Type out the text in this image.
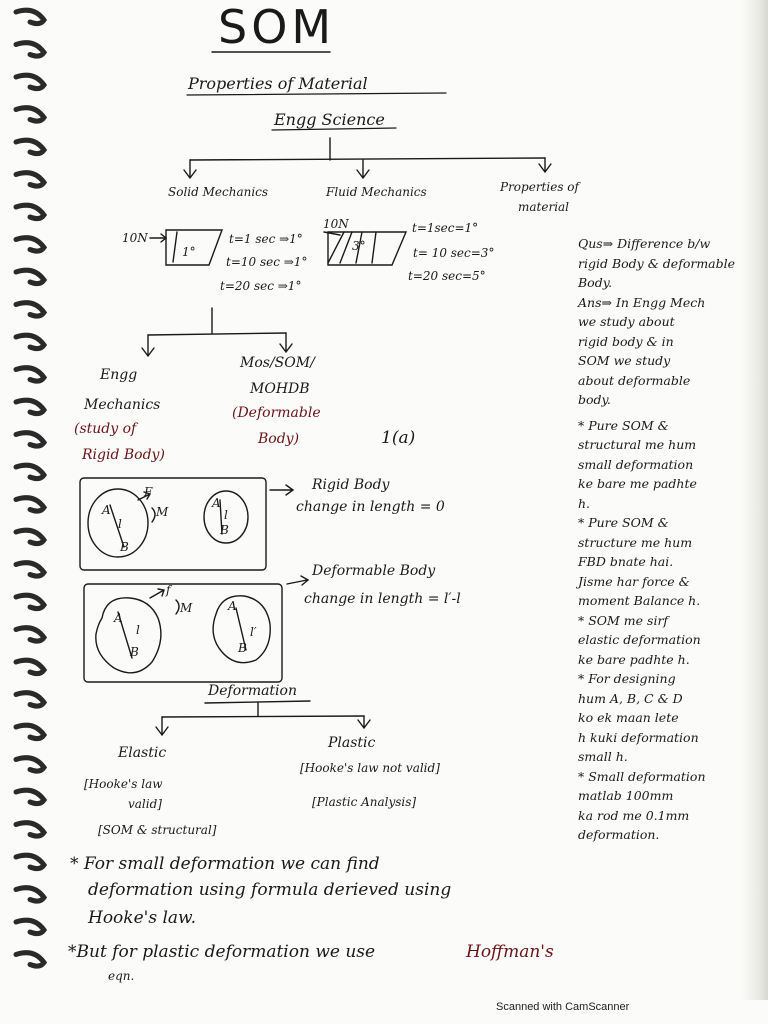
SOM
Properties of Material
Engg Science
Solid Mechanics	Fluid Mechanics	Properties of
material
10N
1°
t=1 sec ⇒1°
t=10 sec ⇒1°
t=20 sec ⇒1°
10N
3°
t=1sec=1°
t= 10 sec=3°
t=20 sec=5°
Engg
Mechanics
(study of
Rigid Body)
Mos/SOM/
MOHDB
(Deformable
Body)	1(a)
F
M
A
l
B
A
l
B
Rigid Body
change in length = 0
f
M
A
l
B
A
l′
B
Deformable Body
change in length = l′-l
Deformation
Elastic
[Hooke's law
valid]
[SOM & structural]
Plastic
[Hooke's law not valid]
[Plastic Analysis]
* For small deformation we can find
deformation using formula derieved using
Hooke's law.
*But for plastic deformation we use	Hoffman's
eqn.
Qus⇒ Difference b/w
rigid Body & deformable
Body.
Ans⇒ In Engg Mech
we study about
rigid body & in
SOM we study
about deformable
body.
* Pure SOM &
structural me hum
small deformation
ke bare me padhte
h.
* Pure SOM &
structure me hum
FBD bnate hai.
Jisme har force &
moment Balance h.
* SOM me sirf
elastic deformation
ke bare padhte h.
* For designing
hum A, B, C & D
ko ek maan lete
h kuki deformation
small h.
* Small deformation
matlab 100mm
ka rod me 0.1mm
deformation.
Scanned with CamScanner
